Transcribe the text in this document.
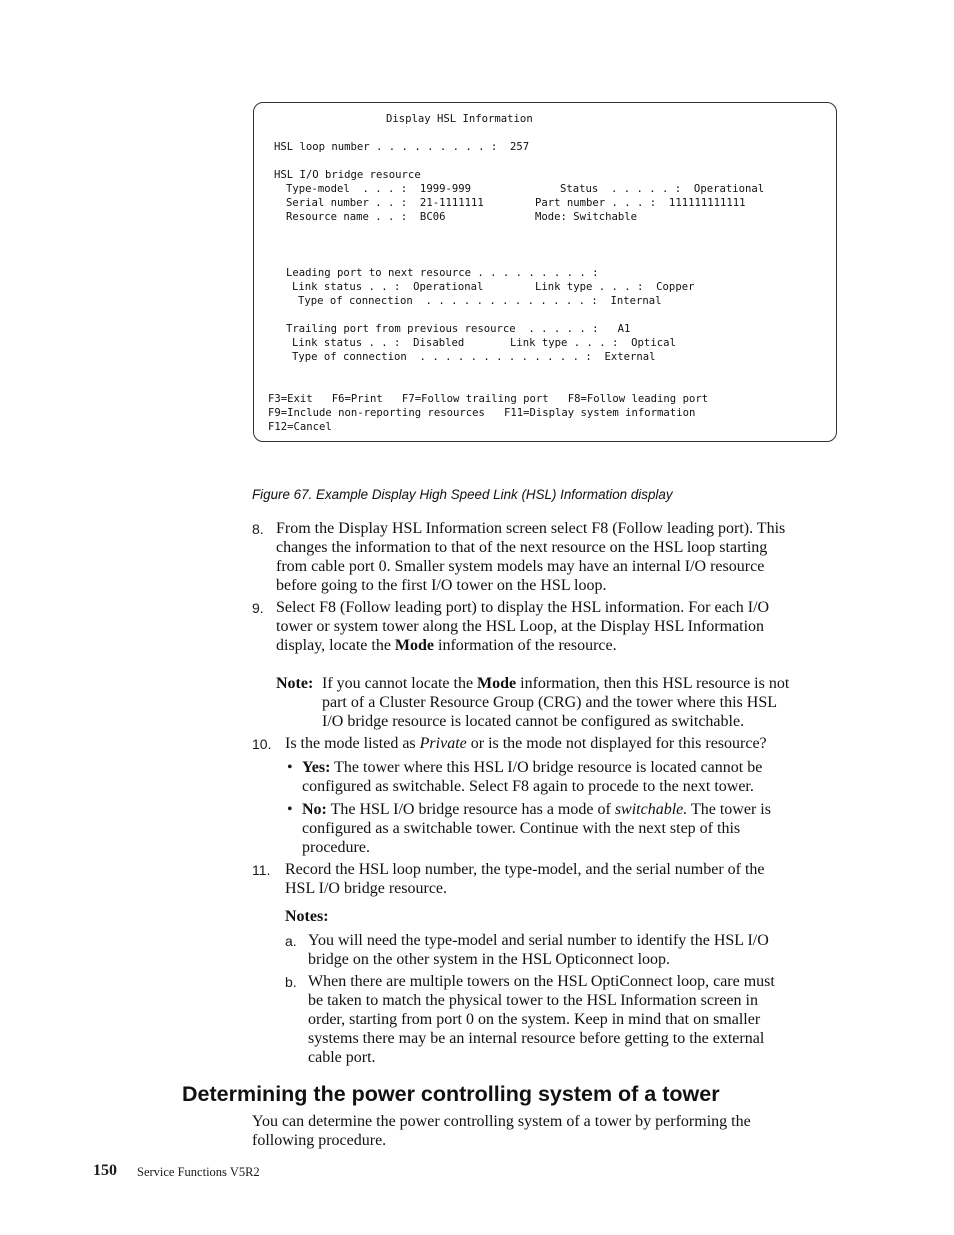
Display HSL Information
HSL loop number . . . . . . . . . :  257
HSL I/O bridge resource
Type-model  . . . :  1999-999
Serial number . . :  21-1111111
Resource name . . :  BC06
Status  . . . . . :  Operational
Part number . . . :  111111111111
Mode: Switchable
Leading port to next resource . . . . . . . . . :
Link status . . :  Operational	Link type . . . :  Copper
Type of connection  . . . . . . . . . . . . . :  Internal
Trailing port from previous resource  . . . . . :   A1
Link status . . :  Disabled	Link type . . . :  Optical
Type of connection  . . . . . . . . . . . . . :  External
F3=Exit   F6=Print   F7=Follow trailing port   F8=Follow leading port
F9=Include non-reporting resources   F11=Display system information
F12=Cancel
Figure 67. Example Display High Speed Link (HSL) Information display
8. From the Display HSL Information screen select F8 (Follow leading port). This
changes the information to that of the next resource on the HSL loop starting
from cable port 0. Smaller system models may have an internal I/O resource
before going to the first I/O tower on the HSL loop.
9. Select F8 (Follow leading port) to display the HSL information. For each I/O
tower or system tower along the HSL Loop, at the Display HSL Information
display, locate the Mode information of the resource.
Note: If you cannot locate the Mode information, then this HSL resource is not
part of a Cluster Resource Group (CRG) and the tower where this HSL
I/O bridge resource is located cannot be configured as switchable.
10. Is the mode listed as Private or is the mode not displayed for this resource?
• Yes: The tower where this HSL I/O bridge resource is located cannot be
configured as switchable. Select F8 again to procede to the next tower.
• No: The HSL I/O bridge resource has a mode of switchable. The tower is
configured as a switchable tower. Continue with the next step of this
procedure.
11. Record the HSL loop number, the type-model, and the serial number of the
HSL I/O bridge resource.
Notes:
a. You will need the type-model and serial number to identify the HSL I/O
bridge on the other system in the HSL Opticonnect loop.
b. When there are multiple towers on the HSL OptiConnect loop, care must
be taken to match the physical tower to the HSL Information screen in
order, starting from port 0 on the system. Keep in mind that on smaller
systems there may be an internal resource before getting to the external
cable port.
Determining the power controlling system of a tower
You can determine the power controlling system of a tower by performing the
following procedure.
150 Service Functions V5R2
